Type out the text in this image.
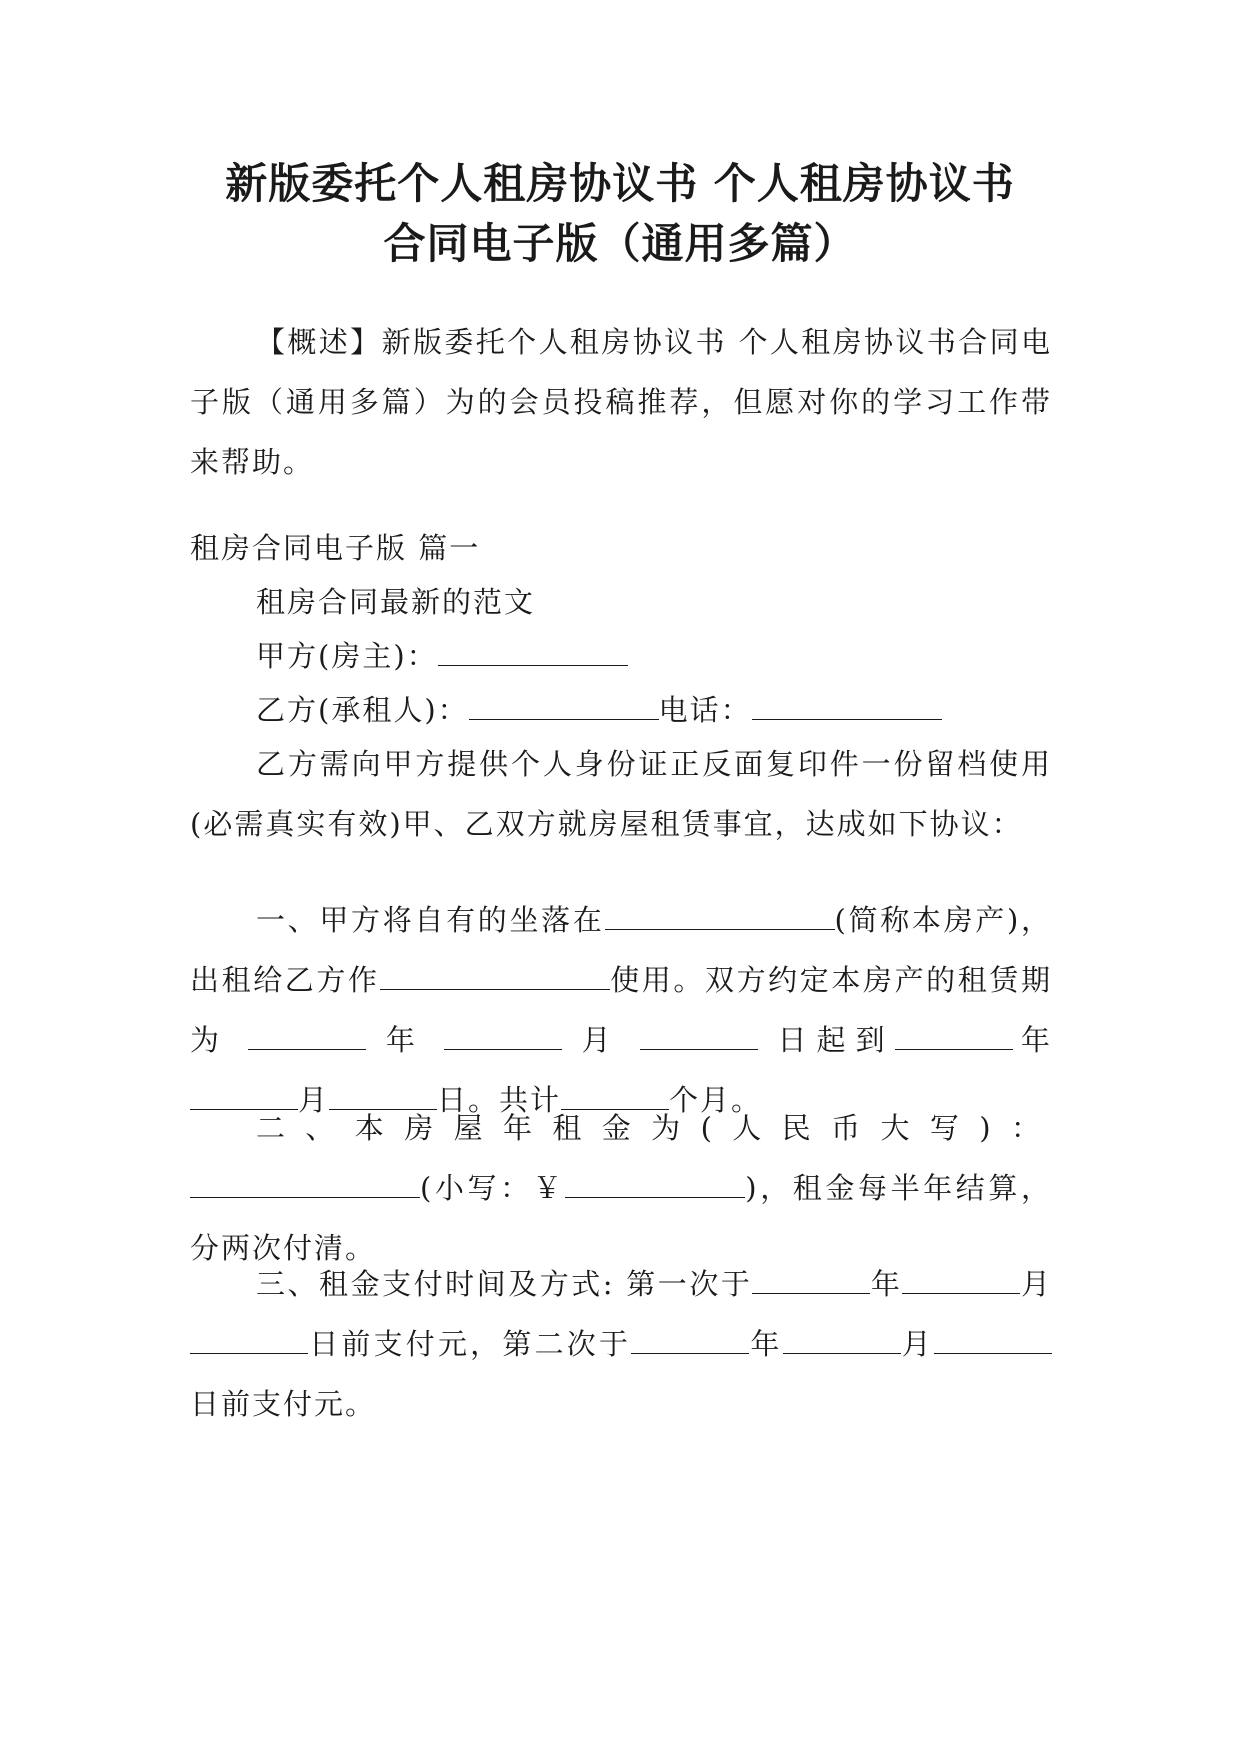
新版委托个人租房协议书 个人租房协议书
合同电子版（通用多篇）
【概述】新版委托个人租房协议书 个人租房协议书合同电子版（通用多篇）为的会员投稿推荐，但愿对你的学习工作带来帮助。
租房合同电子版 篇一
租房合同最新的范文
甲方(房主)：
乙方(承租人)：	电话：
乙方需向甲方提供个人身份证正反面复印件一份留档使用(必需真实有效)甲、乙双方就房屋租赁事宜，达成如下协议：
一、甲方将自有的坐落在	(简称本房产)，出租给乙方作	使用。双方约定本房产的租赁期为	年	月	日起到	年月	日。共计	个月。
二、本房屋年租金为(人民币大写)：(小写：￥	)，租金每半年结算，分两次付清。
三、租金支付时间及方式: 第一次于	年	月日前支付元，第二次于	年	月日前支付元。
